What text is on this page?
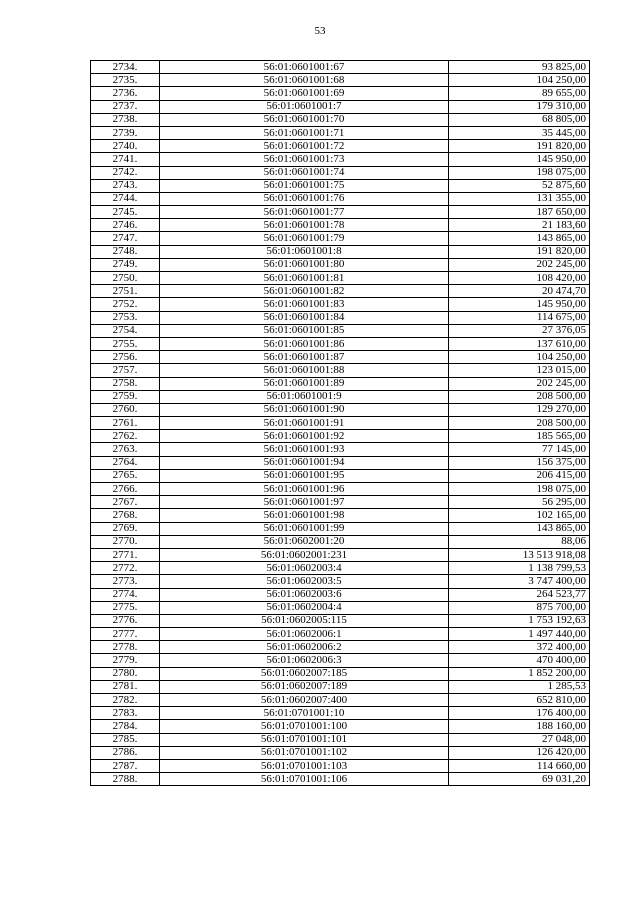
53
2734.	56:01:0601001:67	93 825,00
2735.	56:01:0601001:68	104 250,00
2736.	56:01:0601001:69	89 655,00
2737.	56:01:0601001:7	179 310,00
2738.	56:01:0601001:70	68 805,00
2739.	56:01:0601001:71	35 445,00
2740.	56:01:0601001:72	191 820,00
2741.	56:01:0601001:73	145 950,00
2742.	56:01:0601001:74	198 075,00
2743.	56:01:0601001:75	52 875,60
2744.	56:01:0601001:76	131 355,00
2745.	56:01:0601001:77	187 650,00
2746.	56:01:0601001:78	21 183,60
2747.	56:01:0601001:79	143 865,00
2748.	56:01:0601001:8	191 820,00
2749.	56:01:0601001:80	202 245,00
2750.	56:01:0601001:81	108 420,00
2751.	56:01:0601001:82	20 474,70
2752.	56:01:0601001:83	145 950,00
2753.	56:01:0601001:84	114 675,00
2754.	56:01:0601001:85	27 376,05
2755.	56:01:0601001:86	137 610,00
2756.	56:01:0601001:87	104 250,00
2757.	56:01:0601001:88	123 015,00
2758.	56:01:0601001:89	202 245,00
2759.	56:01:0601001:9	208 500,00
2760.	56:01:0601001:90	129 270,00
2761.	56:01:0601001:91	208 500,00
2762.	56:01:0601001:92	185 565,00
2763.	56:01:0601001:93	77 145,00
2764.	56:01:0601001:94	156 375,00
2765.	56:01:0601001:95	206 415,00
2766.	56:01:0601001:96	198 075,00
2767.	56:01:0601001:97	56 295,00
2768.	56:01:0601001:98	102 165,00
2769.	56:01:0601001:99	143 865,00
2770.	56:01:0602001:20	88,06
2771.	56:01:0602001:231	13 513 918,08
2772.	56:01:0602003:4	1 138 799,53
2773.	56:01:0602003:5	3 747 400,00
2774.	56:01:0602003:6	264 523,77
2775.	56:01:0602004:4	875 700,00
2776.	56:01:0602005:115	1 753 192,63
2777.	56:01:0602006:1	1 497 440,00
2778.	56:01:0602006:2	372 400,00
2779.	56:01:0602006:3	470 400,00
2780.	56:01:0602007:185	1 852 200,00
2781.	56:01:0602007:189	1 285,53
2782.	56:01:0602007:400	652 810,00
2783.	56:01:0701001:10	176 400,00
2784.	56:01:0701001:100	188 160,00
2785.	56:01:0701001:101	27 048,00
2786.	56:01:0701001:102	126 420,00
2787.	56:01:0701001:103	114 660,00
2788.	56:01:0701001:106	69 031,20
